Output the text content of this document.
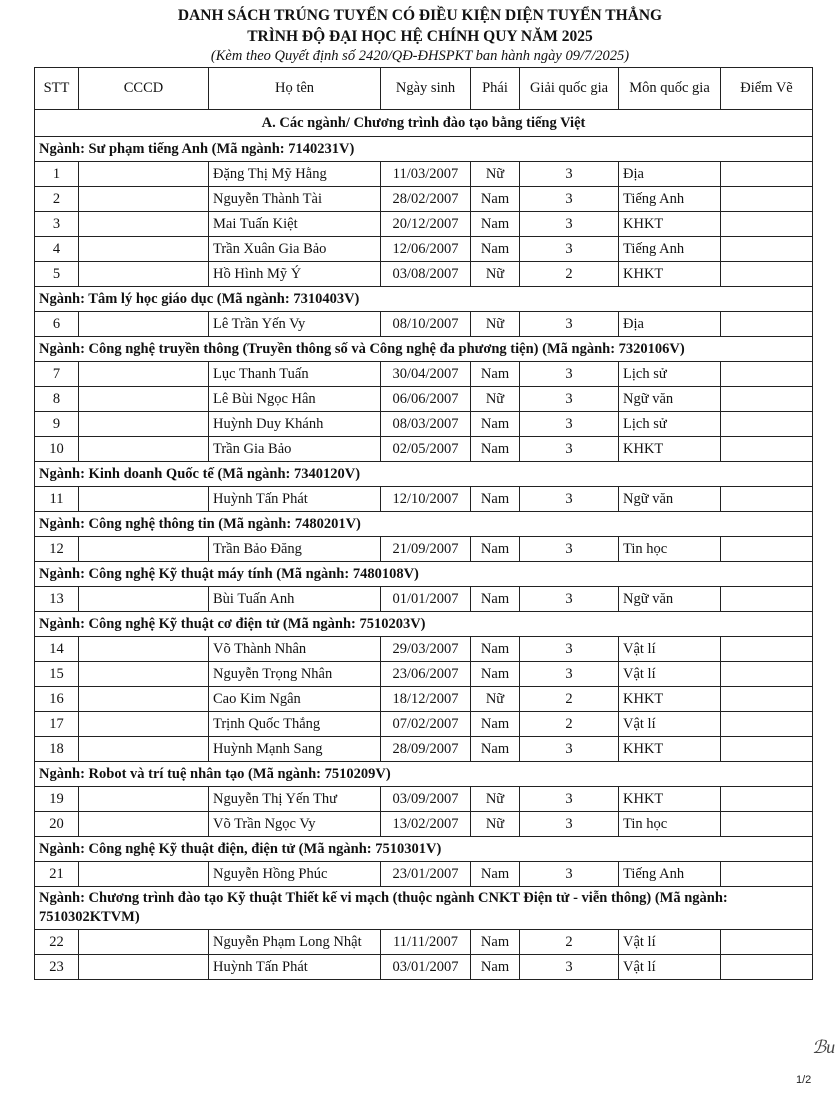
DANH SÁCH TRÚNG TUYỂN CÓ ĐIỀU KIỆN DIỆN TUYỂN THẲNG
TRÌNH ĐỘ ĐẠI HỌC HỆ CHÍNH QUY NĂM 2025
(Kèm theo Quyết định số 2420/QĐ-ĐHSPKT ban hành ngày 09/7/2025)
STT	CCCD	Họ tên	Ngày sinh	Phái	Giải quốc gia	Môn quốc gia	Điểm Vẽ
A. Các ngành/ Chương trình đào tạo bằng tiếng Việt							
Ngành: Sư phạm tiếng Anh (Mã ngành: 7140231V)							
1		Đặng Thị Mỹ Hằng	11/03/2007	Nữ	3	Địa	
2		Nguyễn Thành Tài	28/02/2007	Nam	3	Tiếng Anh	
3		Mai Tuấn Kiệt	20/12/2007	Nam	3	KHKT	
4		Trần Xuân Gia Bảo	12/06/2007	Nam	3	Tiếng Anh	
5		Hồ Hình Mỹ Ý	03/08/2007	Nữ	2	KHKT	
Ngành: Tâm lý học giáo dục (Mã ngành: 7310403V)							
6		Lê Trần Yến Vy	08/10/2007	Nữ	3	Địa	
Ngành: Công nghệ truyền thông (Truyền thông số và Công nghệ đa phương tiện) (Mã ngành: 7320106V)							
7		Lục Thanh Tuấn	30/04/2007	Nam	3	Lịch sử	
8		Lê Bùi Ngọc Hân	06/06/2007	Nữ	3	Ngữ văn	
9		Huỳnh Duy Khánh	08/03/2007	Nam	3	Lịch sử	
10		Trần Gia Bảo	02/05/2007	Nam	3	KHKT	
Ngành: Kinh doanh Quốc tế (Mã ngành: 7340120V)							
11		Huỳnh Tấn Phát	12/10/2007	Nam	3	Ngữ văn	
Ngành: Công nghệ thông tin (Mã ngành: 7480201V)							
12		Trần Bảo Đăng	21/09/2007	Nam	3	Tin học	
Ngành: Công nghệ Kỹ thuật máy tính (Mã ngành: 7480108V)							
13		Bùi Tuấn Anh	01/01/2007	Nam	3	Ngữ văn	
Ngành: Công nghệ Kỹ thuật cơ điện tử (Mã ngành: 7510203V)							
14		Võ Thành Nhân	29/03/2007	Nam	3	Vật lí	
15		Nguyễn Trọng Nhân	23/06/2007	Nam	3	Vật lí	
16		Cao Kim Ngân	18/12/2007	Nữ	2	KHKT	
17		Trịnh Quốc Thắng	07/02/2007	Nam	2	Vật lí	
18		Huỳnh Mạnh Sang	28/09/2007	Nam	3	KHKT	
Ngành: Robot và trí tuệ nhân tạo (Mã ngành: 7510209V)							
19		Nguyễn Thị Yến Thư	03/09/2007	Nữ	3	KHKT	
20		Võ Trần Ngọc Vy	13/02/2007	Nữ	3	Tin học	
Ngành: Công nghệ Kỹ thuật điện, điện tử (Mã ngành: 7510301V)							
21		Nguyễn Hồng Phúc	23/01/2007	Nam	3	Tiếng Anh	
Ngành: Chương trình đào tạo Kỹ thuật Thiết kế vi mạch (thuộc ngành CNKT Điện tử - viễn thông) (Mã ngành: 7510302KTVM)							
22		Nguyễn Phạm Long Nhật	11/11/2007	Nam	2	Vật lí	
23		Huỳnh Tấn Phát	03/01/2007	Nam	3	Vật lí	
ℬu
1/2
